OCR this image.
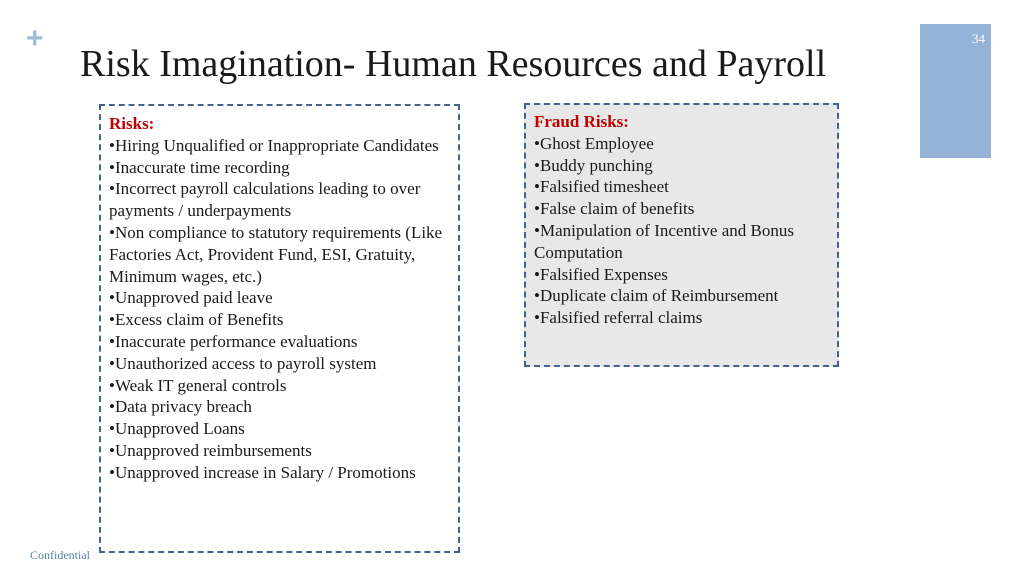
+	34
Risk Imagination- Human Resources and Payroll
Risks:
• Hiring Unqualified or Inappropriate Candidates
• Inaccurate time recording
• Incorrect payroll calculations leading to over payments / underpayments
• Non compliance to statutory requirements (Like Factories Act, Provident Fund, ESI, Gratuity, Minimum wages, etc.)
• Unapproved paid leave
• Excess claim of Benefits
• Inaccurate performance evaluations
• Unauthorized access to payroll system
• Weak IT general controls
• Data privacy breach
• Unapproved Loans
• Unapproved reimbursements
• Unapproved increase in Salary / Promotions
Fraud Risks:
• Ghost Employee
• Buddy punching
• Falsified timesheet
• False claim of benefits
• Manipulation of Incentive and Bonus Computation
• Falsified Expenses
• Duplicate claim of Reimbursement
• Falsified referral claims
Confidential
